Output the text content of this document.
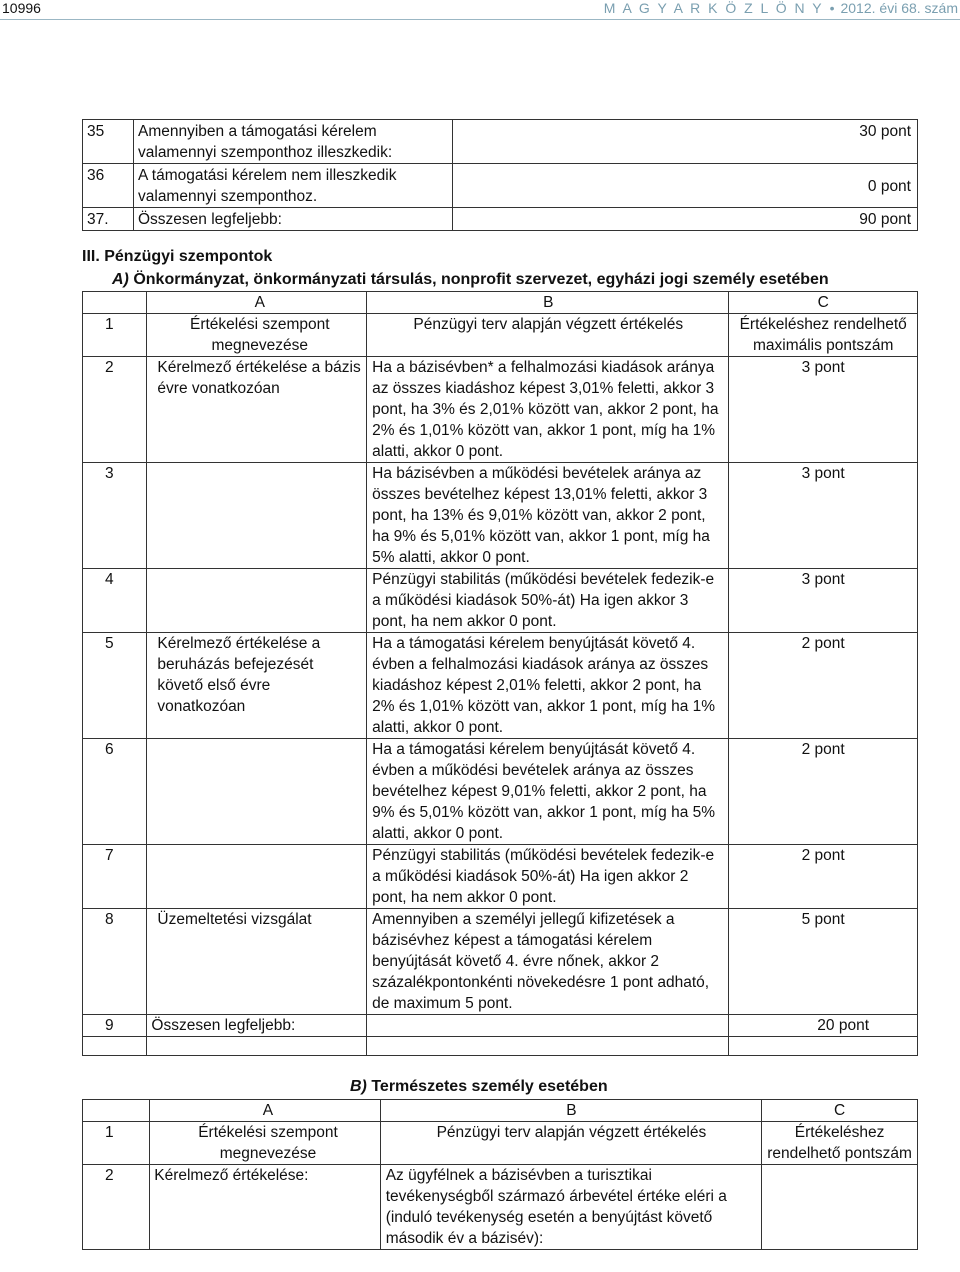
10996	M A G Y A R K Ö Z L Ö N Y • 2012. évi 68. szám
35	Amennyiben a támogatási kérelem valamennyi szemponthoz illeszkedik:	30 pont
36	A támogatási kérelem nem illeszkedik valamennyi szemponthoz.	0 pont
37.	Összesen legfeljebb:	90 pont
III. Pénzügyi szempontok
A) Önkormányzat, önkormányzati társulás, nonprofit szervezet, egyházi jogi személy esetében
	A	B	C
1	Értékelési szempont megnevezése	Pénzügyi terv alapján végzett értékelés	Értékeléshez rendelhető maximális pontszám
2	Kérelmező értékelése a bázis évre vonatkozóan	Ha a bázisévben* a felhalmozási kiadások aránya az összes kiadáshoz képest 3,01% feletti, akkor 3 pont, ha 3% és 2,01% között van, akkor 2 pont, ha 2% és 1,01% között van, akkor 1 pont, míg ha 1% alatti, akkor 0 pont.	3 pont
3		Ha bázisévben a működési bevételek aránya az összes bevételhez képest 13,01% feletti, akkor 3 pont, ha 13% és 9,01% között van, akkor 2 pont, ha 9% és 5,01% között van, akkor 1 pont, míg ha 5% alatti, akkor 0 pont.	3 pont
4		Pénzügyi stabilitás (működési bevételek fedezik-e a működési kiadások 50%-át) Ha igen akkor 3 pont, ha nem akkor 0 pont.	3 pont
5	Kérelmező értékelése a beruházás befejezését követő első évre vonatkozóan	Ha a támogatási kérelem benyújtását követő 4. évben a felhalmozási kiadások aránya az összes kiadáshoz képest 2,01% feletti, akkor 2 pont, ha 2% és 1,01% között van, akkor 1 pont, míg ha 1% alatti, akkor 0 pont.	2 pont
6		Ha a támogatási kérelem benyújtását követő 4. évben a működési bevételek aránya az összes bevételhez képest 9,01% feletti, akkor 2 pont, ha 9% és 5,01% között van, akkor 1 pont, míg ha 5% alatti, akkor 0 pont.	2 pont
7		Pénzügyi stabilitás (működési bevételek fedezik-e a működési kiadások 50%-át) Ha igen akkor 2 pont, ha nem akkor 0 pont.	2 pont
8	Üzemeltetési vizsgálat	Amennyiben a személyi jellegű kifizetések a bázisévhez képest a támogatási kérelem benyújtását követő 4. évre nőnek, akkor 2 százalékpontonkénti növekedésre 1 pont adható, de maximum 5 pont.	5 pont
9	Összesen legfeljebb:		20 pont

B) Természetes személy esetében
	A	B	C
1	Értékelési szempont megnevezése	Pénzügyi terv alapján végzett értékelés	Értékeléshez rendelhető pontszám
2	Kérelmező értékelése:	Az ügyfélnek a bázisévben a turisztikai tevékenységből származó árbevétel értéke eléri a (induló tevékenység esetén a benyújtást követő második év a bázisév):	
